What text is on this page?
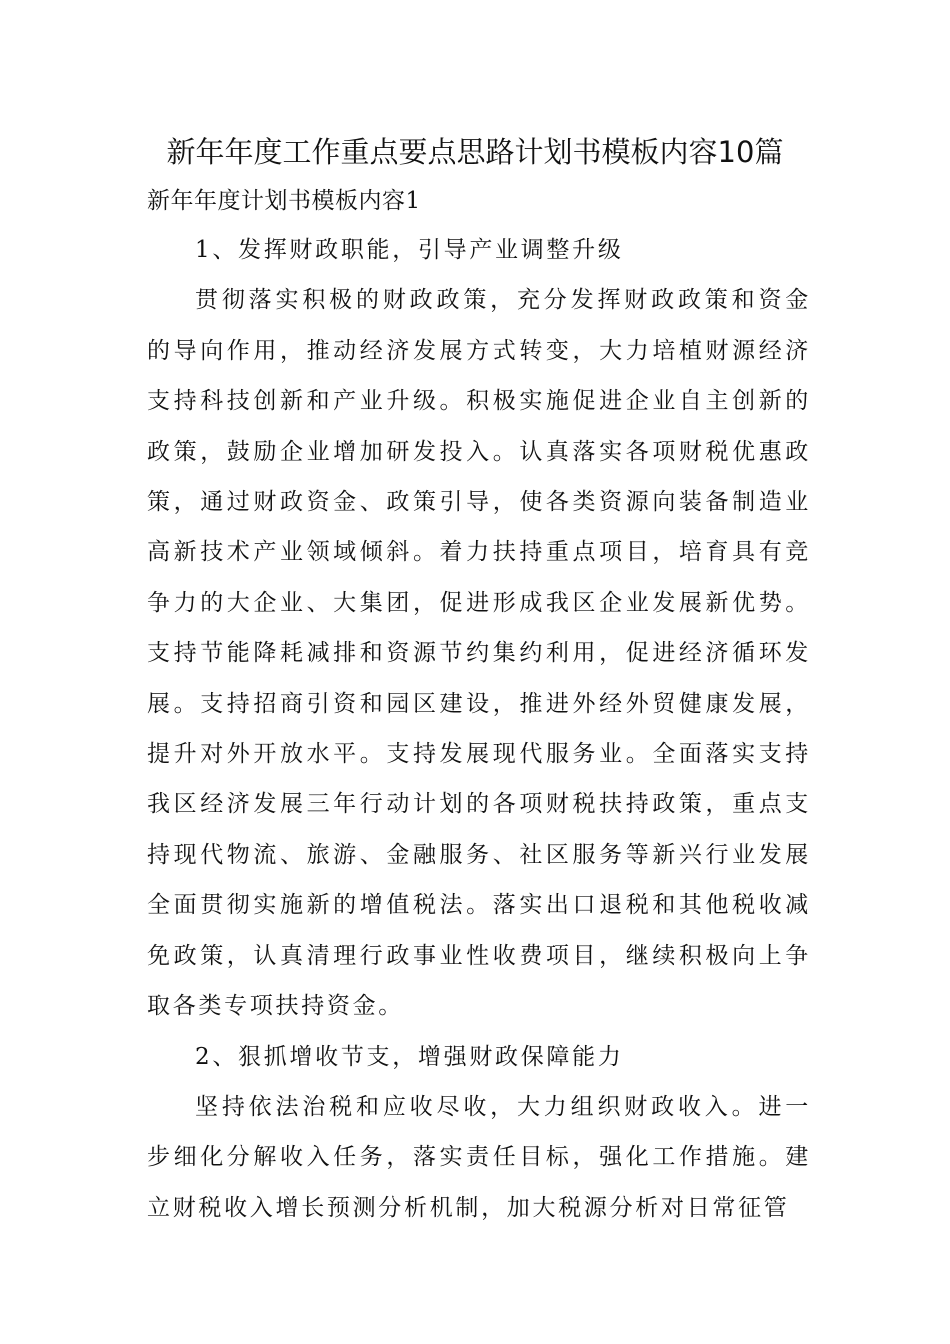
新年年度工作重点要点思路计划书模板内容10篇

新年年度计划书模板内容1

1、发挥财政职能，引导产业调整升级

贯彻落实积极的财政政策，充分发挥财政政策和资金的导向作用，推动经济发展方式转变，大力培植财源经济支持科技创新和产业升级。积极实施促进企业自主创新的政策，鼓励企业增加研发投入。认真落实各项财税优惠政策，通过财政资金、政策引导，使各类资源向装备制造业高新技术产业领域倾斜。着力扶持重点项目，培育具有竞争力的大企业、大集团，促进形成我区企业发展新优势。支持节能降耗减排和资源节约集约利用，促进经济循环发展。支持招商引资和园区建设，推进外经外贸健康发展，提升对外开放水平。支持发展现代服务业。全面落实支持我区经济发展三年行动计划的各项财税扶持政策，重点支持现代物流、旅游、金融服务、社区服务等新兴行业发展全面贯彻实施新的增值税法。落实出口退税和其他税收减免政策，认真清理行政事业性收费项目，继续积极向上争取各类专项扶持资金。

2、狠抓增收节支，增强财政保障能力

坚持依法治税和应收尽收，大力组织财政收入。进一步细化分解收入任务，落实责任目标，强化工作措施。建立财税收入增长预测分析机制，加大税源分析对日常征管
